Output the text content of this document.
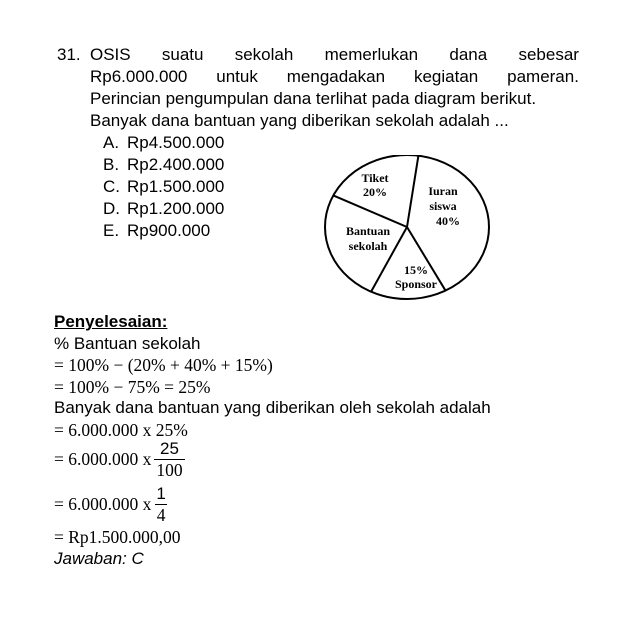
31. OSIS suatu sekolah memerlukan dana sebesar
Rp6.000.000 untuk mengadakan kegiatan pameran.
Perincian pengumpulan dana terlihat pada diagram berikut.
Banyak dana bantuan yang diberikan sekolah adalah ...
A. Rp4.500.000
B. Rp2.400.000
C. Rp1.500.000
D. Rp1.200.000
E. Rp900.000
Iuran
siswa
40%
15%
Sponsor
Bantuan
sekolah
Tiket
20%
Penyelesaian:
% Bantuan sekolah
= 100% − (20% + 40% + 15%)
= 100% − 75% = 25%
Banyak dana bantuan yang diberikan oleh sekolah adalah
= 6.000.000 x 25%
= 6.000.000 x $\frac{25}{100}$
= 6.000.000 x $\frac{1}{4}$
= Rp1.500.000,00
Jawaban: C
